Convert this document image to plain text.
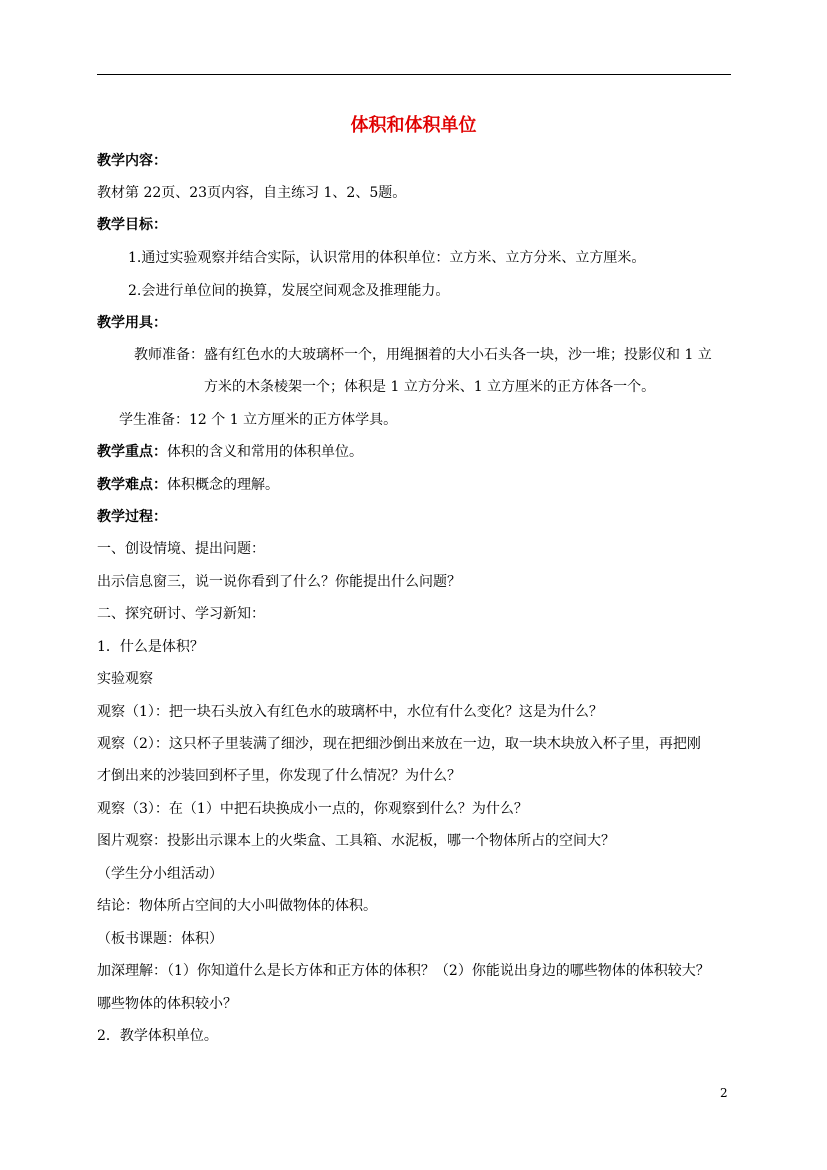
体积和体积单位
教学内容：
教材第 22页、23页内容，自主练习 1、2、5题。
教学目标：
1.通过实验观察并结合实际，认识常用的体积单位：立方米、立方分米、立方厘米。
2.会进行单位间的换算，发展空间观念及推理能力。
教学用具：
教师准备：盛有红色水的大玻璃杯一个，用绳捆着的大小石头各一块，沙一堆；投影仪和 1 立
方米的木条棱架一个；体积是 1 立方分米、1 立方厘米的正方体各一个。
学生准备：12 个 1 立方厘米的正方体学具。
教学重点：体积的含义和常用的体积单位。
教学难点：体积概念的理解。
教学过程：
一、创设情境、提出问题：
出示信息窗三，说一说你看到了什么？你能提出什么问题？
二、探究研讨、学习新知：
1．什么是体积？
实验观察
观察（1）：把一块石头放入有红色水的玻璃杯中，水位有什么变化？这是为什么？
观察（2）：这只杯子里装满了细沙，现在把细沙倒出来放在一边，取一块木块放入杯子里，再把刚
才倒出来的沙装回到杯子里，你发现了什么情况？为什么？
观察（3）：在（1）中把石块换成小一点的，你观察到什么？为什么？
图片观察：投影出示课本上的火柴盒、工具箱、水泥板，哪一个物体所占的空间大？
（学生分小组活动）
结论：物体所占空间的大小叫做物体的体积。
（板书课题：体积）
加深理解：（1）你知道什么是长方体和正方体的体积？（2）你能说出身边的哪些物体的体积较大？
哪些物体的体积较小？
2．教学体积单位。
2
